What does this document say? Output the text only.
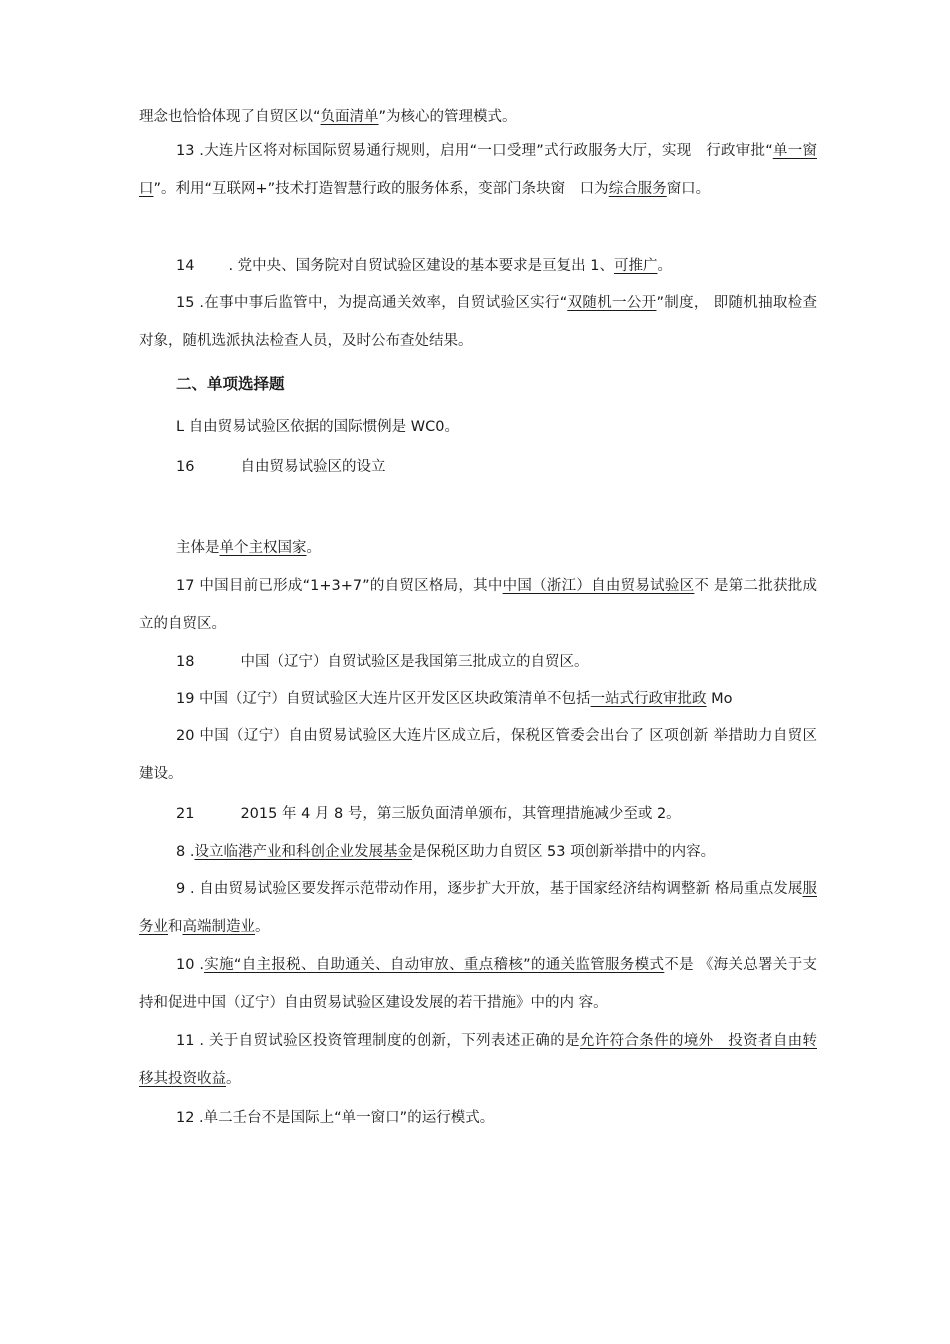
理念也恰恰体现了自贸区以“负面清单”为核心的管理模式。
13 .大连片区将对标国际贸易通行规则，启用“一口受理”式行政服务大厅，实现　行政审批“单一窗口”。利用“互联网+”技术打造智慧行政的服务体系，变部门条块窗　口为综合服务窗口。
14 . 党中央、国务院对自贸试验区建设的基本要求是亘复出 1、可推广。
15 .在事中事后监管中，为提高通关效率，自贸试验区实行“双随机一公开”制度， 即随机抽取检查对象，随机选派执法检查人员，及时公布查处结果。
二、单项选择题
L 自由贸易试验区依据的国际惯例是 WC0。
16	自由贸易试验区的设立
主体是单个主权国家。
17 中国目前已形成“1+3+7”的自贸区格局，其中中国（浙江）自由贸易试验区不 是第二批获批成立的自贸区。
18	中国（辽宁）自贸试验区是我国第三批成立的自贸区。
19 中国（辽宁）自贸试验区大连片区开发区区块政策清单不包括一站式行政审批政 Mo
20 中国（辽宁）自由贸易试验区大连片区成立后，保税区管委会出台了 区项创新 举措助力自贸区建设。
21	2015 年 4 月 8 号，第三版负面清单颁布，其管理措施减少至或 2。
8 .设立临港产业和科创企业发展基金是保税区助力自贸区 53 项创新举措中的内容。
9 . 自由贸易试验区要发挥示范带动作用，逐步扩大开放，基于国家经济结构调整新 格局重点发展服务业和高端制造业。
10 .实施“自主报税、自助通关、自动审放、重点稽核”的通关监管服务模式不是 《海关总署关于支持和促进中国（辽宁）自由贸易试验区建设发展的若干措施》中的内 容。
11 . 关于自贸试验区投资管理制度的创新，下列表述正确的是允许符合条件的境外　投资者自由转移其投资收益。
12 .单二壬台不是国际上“单一窗口”的运行模式。
